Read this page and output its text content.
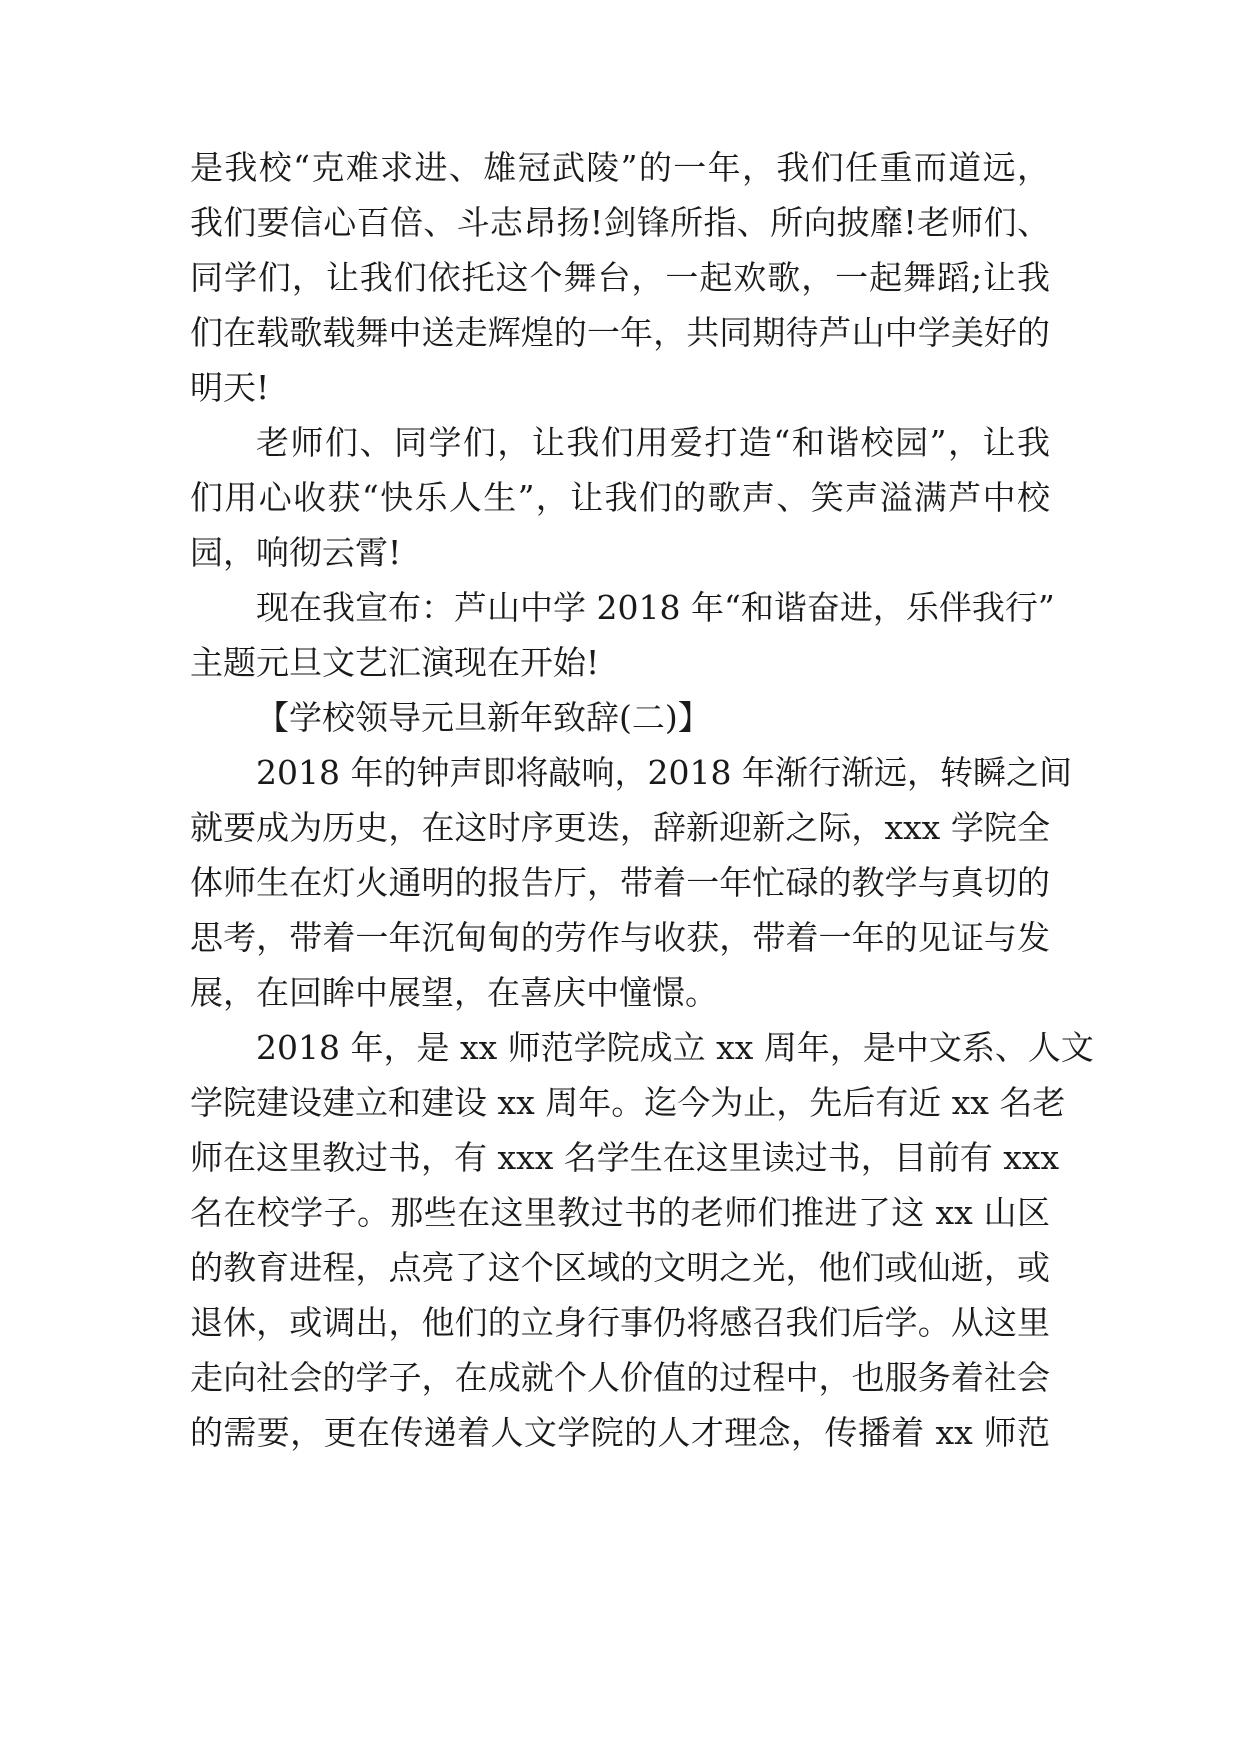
是我校“克难求进、雄冠武陵”的一年，我们任重而道远，
我们要信心百倍、斗志昂扬!剑锋所指、所向披靡!老师们、
同学们，让我们依托这个舞台，一起欢歌，一起舞蹈;让我
们在载歌载舞中送走辉煌的一年，共同期待芦山中学美好的
明天!
老师们、同学们，让我们用爱打造“和谐校园”，让我
们用心收获“快乐人生”，让我们的歌声、笑声溢满芦中校
园，响彻云霄!
现在我宣布：芦山中学 2018 年“和谐奋进，乐伴我行”
主题元旦文艺汇演现在开始!
【学校领导元旦新年致辞(二)】
2018 年的钟声即将敲响，2018 年渐行渐远，转瞬之间
就要成为历史，在这时序更迭，辞新迎新之际，xxx 学院全
体师生在灯火通明的报告厅，带着一年忙碌的教学与真切的
思考，带着一年沉甸甸的劳作与收获，带着一年的见证与发
展，在回眸中展望，在喜庆中憧憬。
2018 年，是 xx 师范学院成立 xx 周年，是中文系、人文
学院建设建立和建设 xx 周年。迄今为止，先后有近 xx 名老
师在这里教过书，有 xxx 名学生在这里读过书，目前有 xxx
名在校学子。那些在这里教过书的老师们推进了这 xx 山区
的教育进程，点亮了这个区域的文明之光，他们或仙逝，或
退休，或调出，他们的立身行事仍将感召我们后学。从这里
走向社会的学子，在成就个人价值的过程中，也服务着社会
的需要，更在传递着人文学院的人才理念，传播着 xx 师范
